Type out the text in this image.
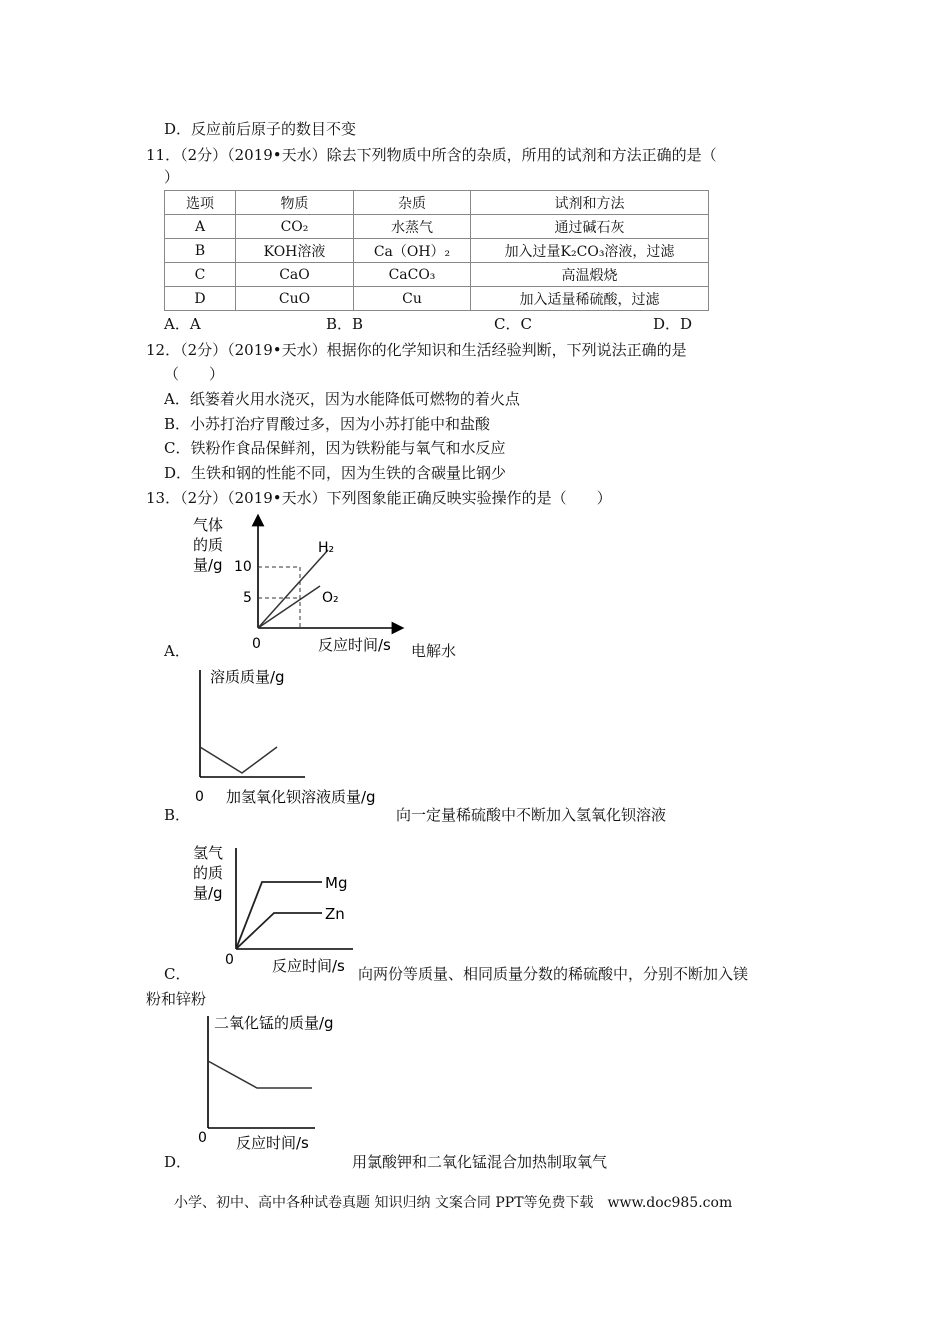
D．反应前后原子的数目不变
11．（2分）（2019•天水）除去下列物质中所含的杂质，所用的试剂和方法正确的是（
）
选项	物质	杂质	试剂和方法
A	CO₂	水蒸气	通过碱石灰
B	KOH溶液	Ca（OH）₂	加入过量K₂CO₃溶液，过滤
C	CaO	CaCO₃	高温煅烧
D	CuO	Cu	加入适量稀硫酸，过滤
A．A	B．B	C．C	D．D
12．（2分）（2019•天水）根据你的化学知识和生活经验判断，下列说法正确的是
（　　）
A．纸篓着火用水浇灭，因为水能降低可燃物的着火点
B．小苏打治疗胃酸过多，因为小苏打能中和盐酸
C．铁粉作食品保鲜剂，因为铁粉能与氧气和水反应
D．生铁和钢的性能不同，因为生铁的含碳量比钢少
13．（2分）（2019•天水）下列图象能正确反映实验操作的是（　　）
气体
的质
量/g 10
5
0
H₂
O₂
反应时间/s
A．	电解水
溶质质量/g
0 加氢氧化钡溶液质量/g
B．	向一定量稀硫酸中不断加入氢氧化钡溶液
氢气
的质
量/g
Mg
Zn
0	反应时间/s
C．	向两份等质量、相同质量分数的稀硫酸中，分别不断加入镁
粉和锌粉
二氧化锰的质量/g
0 反应时间/s
D．	用氯酸钾和二氧化锰混合加热制取氧气
小学、初中、高中各种试卷真题 知识归纳 文案合同 PPT等免费下载　www.doc985.com
